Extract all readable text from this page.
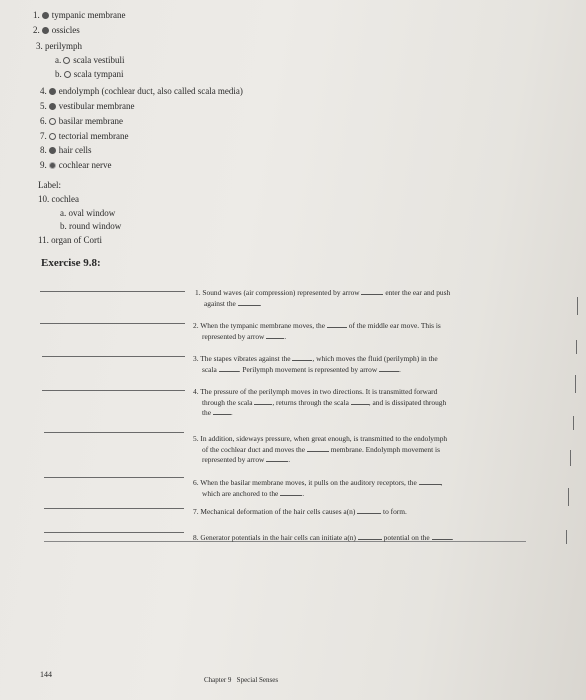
1. tympanic membrane
2. ossicles
3. perilymph
a. scala vestibuli
b. scala tympani
4. endolymph (cochlear duct, also called scala media)
5. vestibular membrane
6. basilar membrane
7. tectorial membrane
8. hair cells
9. cochlear nerve
Label:
10. cochlea
a. oval window
b. round window
11. organ of Corti
Exercise 9.8:
1. Sound waves (air compression) represented by arrow	enter the ear and push
against the	.
2. When the tympanic membrane moves, the	of the middle ear move. This is
represented by arrow	.
3. The stapes vibrates against the	, which moves the fluid (perilymph) in the
scala	. Perilymph movement is represented by arrow	.
4. The pressure of the perilymph moves in two directions. It is transmitted forward
through the scala	, returns through the scala	, and is dissipated through
the	.
5. In addition, sideways pressure, when great enough, is transmitted to the endolymph
of the cochlear duct and moves the	membrane. Endolymph movement is
represented by arrow	.
6. When the basilar membrane moves, it pulls on the auditory receptors, the	,
which are anchored to the	.
7. Mechanical deformation of the hair cells causes a(n)	to form.
8. Generator potentials in the hair cells can initiate a(n)	potential on the	.
144
Chapter 9 Special Senses
